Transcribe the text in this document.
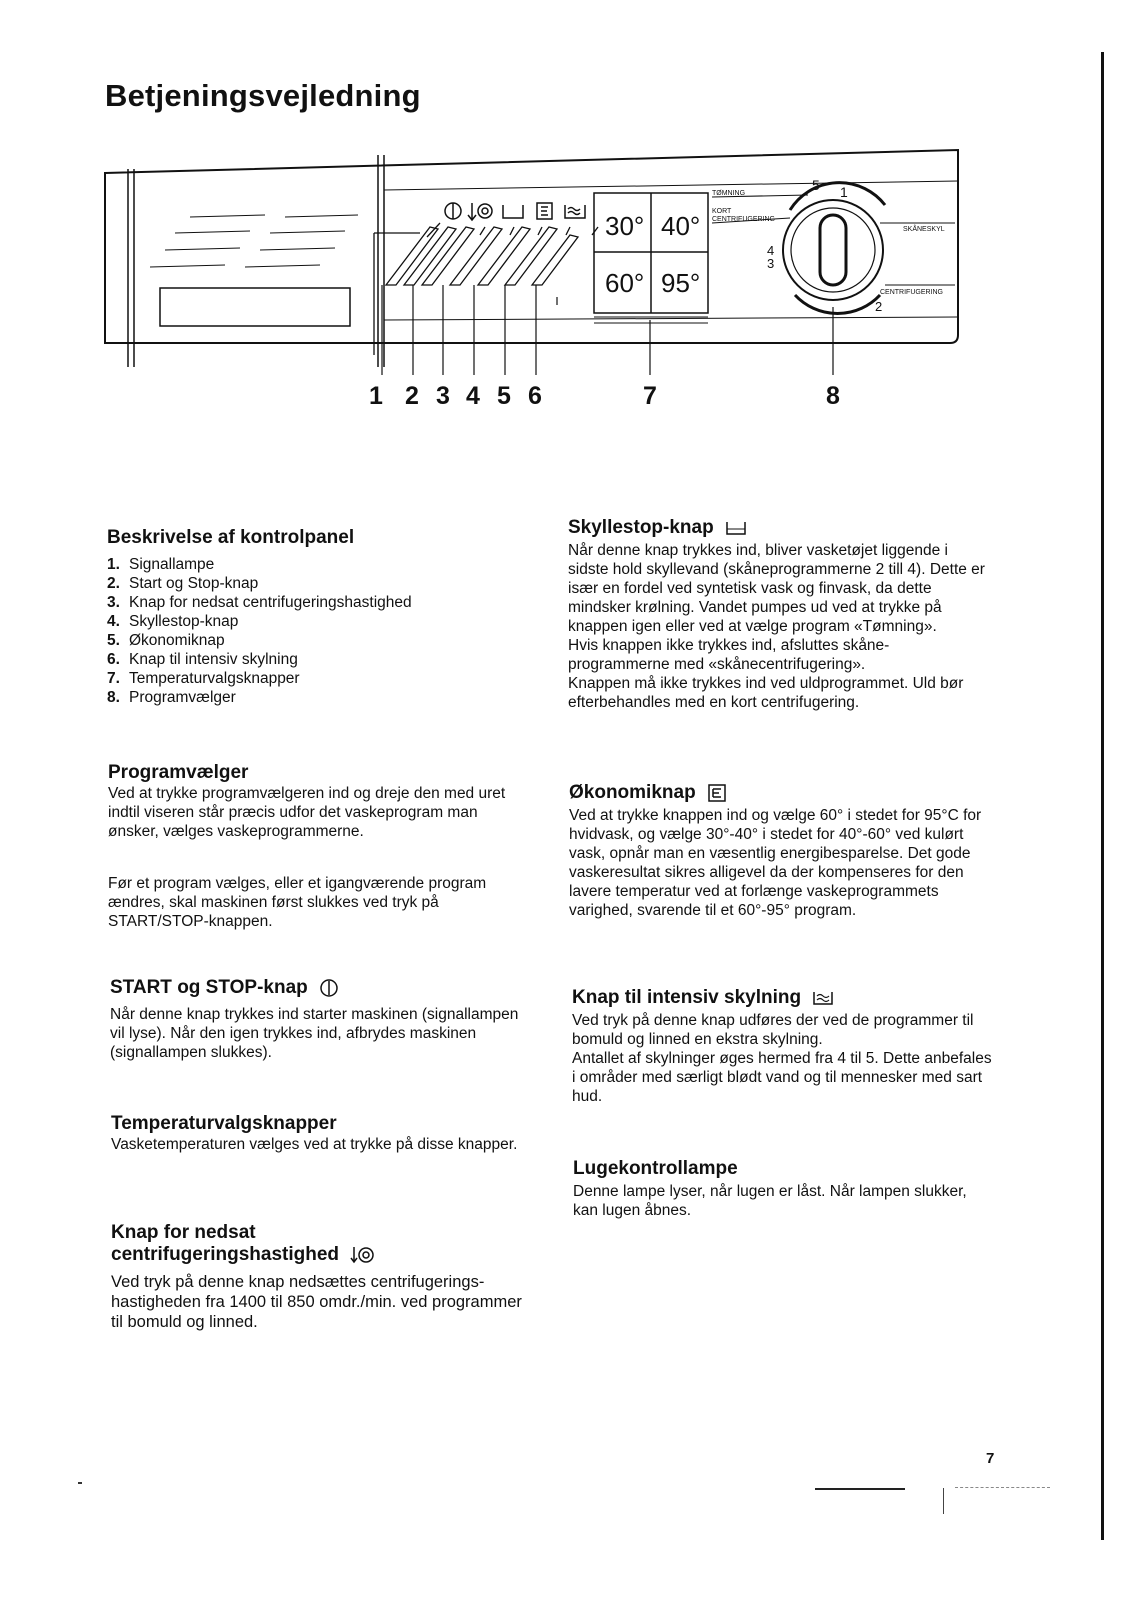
Betjeningsvejledning
30° 40°
60° 95°
TØMNING
KORT
CENTRIFUGERING
SKÅNESKYL
CENTRIFUGERING
5 1
4
3
2
1 2 3 4 5 6	7	8
Beskrivelse af kontrolpanel
1. Signallampe
2. Start og Stop-knap
3. Knap for nedsat centrifugeringshastighed
4. Skyllestop-knap
5. Økonomiknap
6. Knap til intensiv skylning
7. Temperaturvalgsknapper
8. Programvælger
Programvælger

Ved at trykke programvælgeren ind og dreje den med uret indtil viseren står præcis udfor det vaskeprogram man ønsker, vælges vaskeprogrammerne.

Før et program vælges, eller et igangværende program ændres, skal maskinen først slukkes ved tryk på START/STOP-knappen.

START og STOP-knap

Når denne knap trykkes ind starter maskinen (signallampen vil lyse). Når den igen trykkes ind, afbrydes maskinen (signallampen slukkes).

Temperaturvalgsknapper

Vasketemperaturen vælges ved at trykke på disse knapper.

Knap for nedsat
centrifugeringshastighed

Ved tryk på denne knap nedsættes centrifugerings-hastigheden fra 1400 til 850 omdr./min. ved programmer til bomuld og linned.

Skyllestop-knap

Når denne knap trykkes ind, bliver vasketøjet liggende i sidste hold skyllevand (skåneprogrammerne 2 till 4). Dette er især en fordel ved syntetisk vask og finvask, da dette mindsker krølning. Vandet pumpes ud ved at trykke på knappen igen eller ved at vælge program «Tømning».

Hvis knappen ikke trykkes ind, afsluttes skåne-programmerne med «skånecentrifugering».

Knappen må ikke trykkes ind ved uldprogrammet. Uld bør efterbehandles med en kort centrifugering.

Økonomiknap

Ved at trykke knappen ind og vælge 60° i stedet for 95°C for hvidvask, og vælge 30°-40° i stedet for 40°-60° ved kulørt vask, opnår man en væsentlig energibesparelse. Det gode vaskeresultat sikres alligevel da der kompenseres for den lavere temperatur ved at forlænge vaskeprogrammets varighed, svarende til et 60°-95° program.

Knap til intensiv skylning

Ved tryk på denne knap udføres der ved de programmer til bomuld og linned en ekstra skylning.

Antallet af skylninger øges hermed fra 4 til 5. Dette anbefales i områder med særligt blødt vand og til mennesker med sart hud.

Lugekontrollampe

Denne lampe lyser, når lugen er låst. Når lampen slukker, kan lugen åbnes.

7
